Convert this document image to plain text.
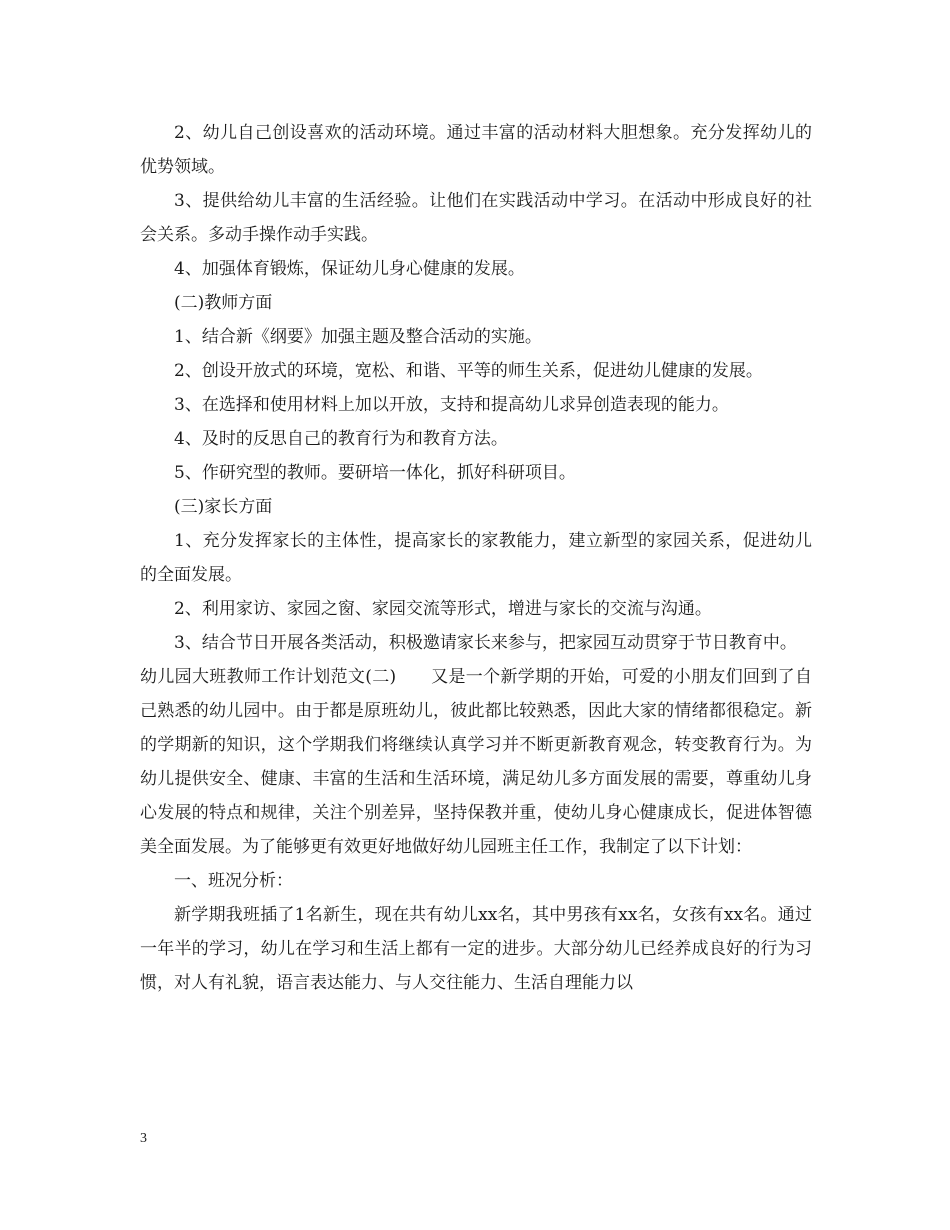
2、幼儿自己创设喜欢的活动环境。通过丰富的活动材料大胆想象。充分发挥幼儿的优势领域。

3、提供给幼儿丰富的生活经验。让他们在实践活动中学习。在活动中形成良好的社会关系。多动手操作动手实践。

4、加强体育锻炼，保证幼儿身心健康的发展。

(二)教师方面

1、结合新《纲要》加强主题及整合活动的实施。

2、创设开放式的环境，宽松、和谐、平等的师生关系，促进幼儿健康的发展。

3、在选择和使用材料上加以开放，支持和提高幼儿求异创造表现的能力。

4、及时的反思自己的教育行为和教育方法。

5、作研究型的教师。要研培一体化，抓好科研项目。

(三)家长方面

1、充分发挥家长的主体性，提高家长的家教能力，建立新型的家园关系，促进幼儿的全面发展。

2、利用家访、家园之窗、家园交流等形式，增进与家长的交流与沟通。

3、结合节日开展各类活动，积极邀请家长来参与，把家园互动贯穿于节日教育中。

幼儿园大班教师工作计划范文(二)　　又是一个新学期的开始，可爱的小朋友们回到了自己熟悉的幼儿园中。由于都是原班幼儿，彼此都比较熟悉，因此大家的情绪都很稳定。新的学期新的知识，这个学期我们将继续认真学习并不断更新教育观念，转变教育行为。为幼儿提供安全、健康、丰富的生活和生活环境，满足幼儿多方面发展的需要，尊重幼儿身心发展的特点和规律，关注个别差异，坚持保教并重，使幼儿身心健康成长，促进体智德美全面发展。为了能够更有效更好地做好幼儿园班主任工作，我制定了以下计划：

一、班况分析：

新学期我班插了1名新生，现在共有幼儿xx名，其中男孩有xx名，女孩有xx名。通过一年半的学习，幼儿在学习和生活上都有一定的进步。大部分幼儿已经养成良好的行为习惯，对人有礼貌，语言表达能力、与人交往能力、生活自理能力以

3
